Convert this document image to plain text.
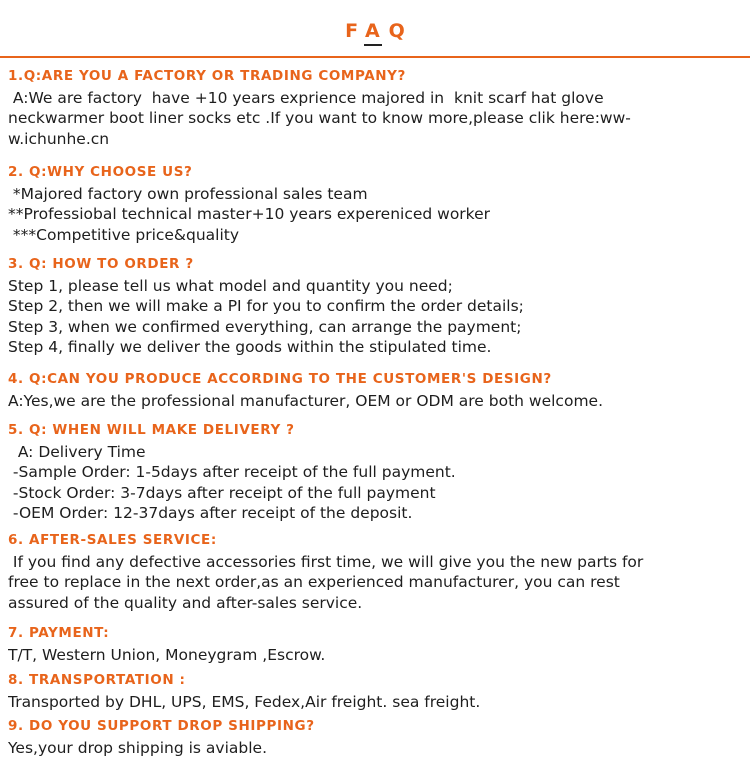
FAQ
1.Q:ARE YOU A FACTORY OR TRADING COMPANY?
A:We are factory  have +10 years exprience majored in  knit scarf hat glove
neckwarmer boot liner socks etc .If you want to know more,please clik here:ww-
w.ichunhe.cn
2. Q:WHY CHOOSE US?
*Majored factory own professional sales team
**Professiobal technical master+10 years expereniced worker
***Competitive price&quality
3. Q: HOW TO ORDER ?
Step 1, please tell us what model and quantity you need;
Step 2, then we will make a PI for you to confirm the order details;
Step 3, when we confirmed everything, can arrange the payment;
Step 4, finally we deliver the goods within the stipulated time.
4. Q:CAN YOU PRODUCE ACCORDING TO THE CUSTOMER'S DESIGN?
A:Yes,we are the professional manufacturer, OEM or ODM are both welcome.
5. Q: WHEN WILL MAKE DELIVERY ?
A: Delivery Time
-Sample Order: 1-5days after receipt of the full payment.
-Stock Order: 3-7days after receipt of the full payment
-OEM Order: 12-37days after receipt of the deposit.
6. AFTER-SALES SERVICE:
If you find any defective accessories first time, we will give you the new parts for
free to replace in the next order,as an experienced manufacturer, you can rest
assured of the quality and after-sales service.
7. PAYMENT:
T/T, Western Union, Moneygram ,Escrow.
8. TRANSPORTATION :
Transported by DHL, UPS, EMS, Fedex,Air freight. sea freight.
9. DO YOU SUPPORT DROP SHIPPING?
Yes,your drop shipping is aviable.
